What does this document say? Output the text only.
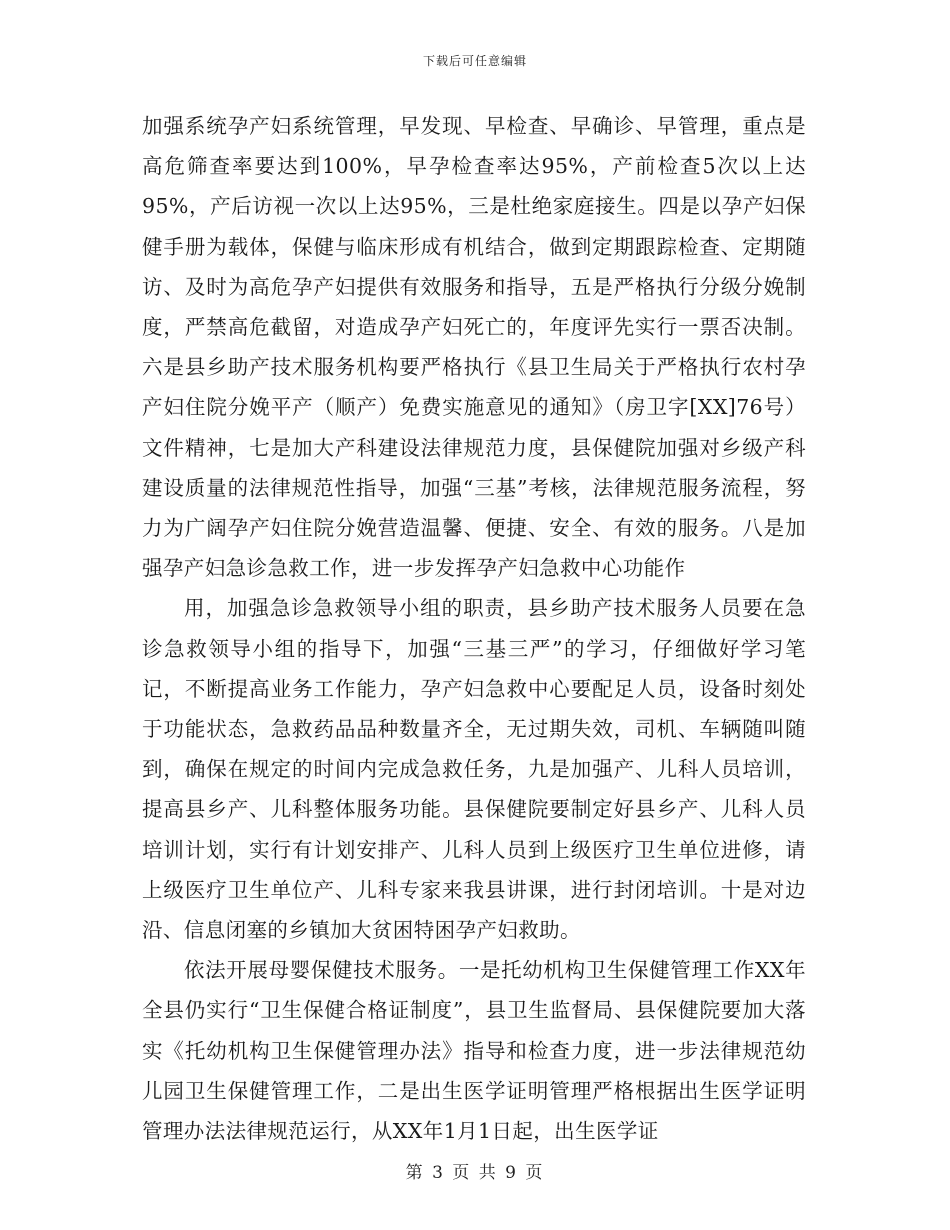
下载后可任意编辑

加强系统孕产妇系统管理，早发现、早检查、早确诊、早管理，重点是高危筛查率要达到100%，早孕检查率达95%，产前检查5次以上达95%，产后访视一次以上达95%，三是杜绝家庭接生。四是以孕产妇保健手册为载体，保健与临床形成有机结合，做到定期跟踪检查、定期随访、及时为高危孕产妇提供有效服务和指导，五是严格执行分级分娩制度，严禁高危截留，对造成孕产妇死亡的，年度评先实行一票否决制。六是县乡助产技术服务机构要严格执行《县卫生局关于严格执行农村孕产妇住院分娩平产（顺产）免费实施意见的通知》（房卫字[XX]76号）文件精神，七是加大产科建设法律规范力度，县保健院加强对乡级产科建设质量的法律规范性指导，加强“三基”考核，法律规范服务流程，努力为广阔孕产妇住院分娩营造温馨、便捷、安全、有效的服务。八是加强孕产妇急诊急救工作，进一步发挥孕产妇急救中心功能作

用，加强急诊急救领导小组的职责，县乡助产技术服务人员要在急诊急救领导小组的指导下，加强“三基三严”的学习，仔细做好学习笔记，不断提高业务工作能力，孕产妇急救中心要配足人员，设备时刻处于功能状态，急救药品品种数量齐全，无过期失效，司机、车辆随叫随到，确保在规定的时间内完成急救任务，九是加强产、儿科人员培训，提高县乡产、儿科整体服务功能。县保健院要制定好县乡产、儿科人员培训计划，实行有计划安排产、儿科人员到上级医疗卫生单位进修，请上级医疗卫生单位产、儿科专家来我县讲课，进行封闭培训。十是对边沿、信息闭塞的乡镇加大贫困特困孕产妇救助。

依法开展母婴保健技术服务。一是托幼机构卫生保健管理工作XX年全县仍实行“卫生保健合格证制度”，县卫生监督局、县保健院要加大落实《托幼机构卫生保健管理办法》指导和检查力度，进一步法律规范幼儿园卫生保健管理工作，二是出生医学证明管理严格根据出生医学证明管理办法法律规范运行，从XX年1月1日起，出生医学证

第 3 页 共 9 页
